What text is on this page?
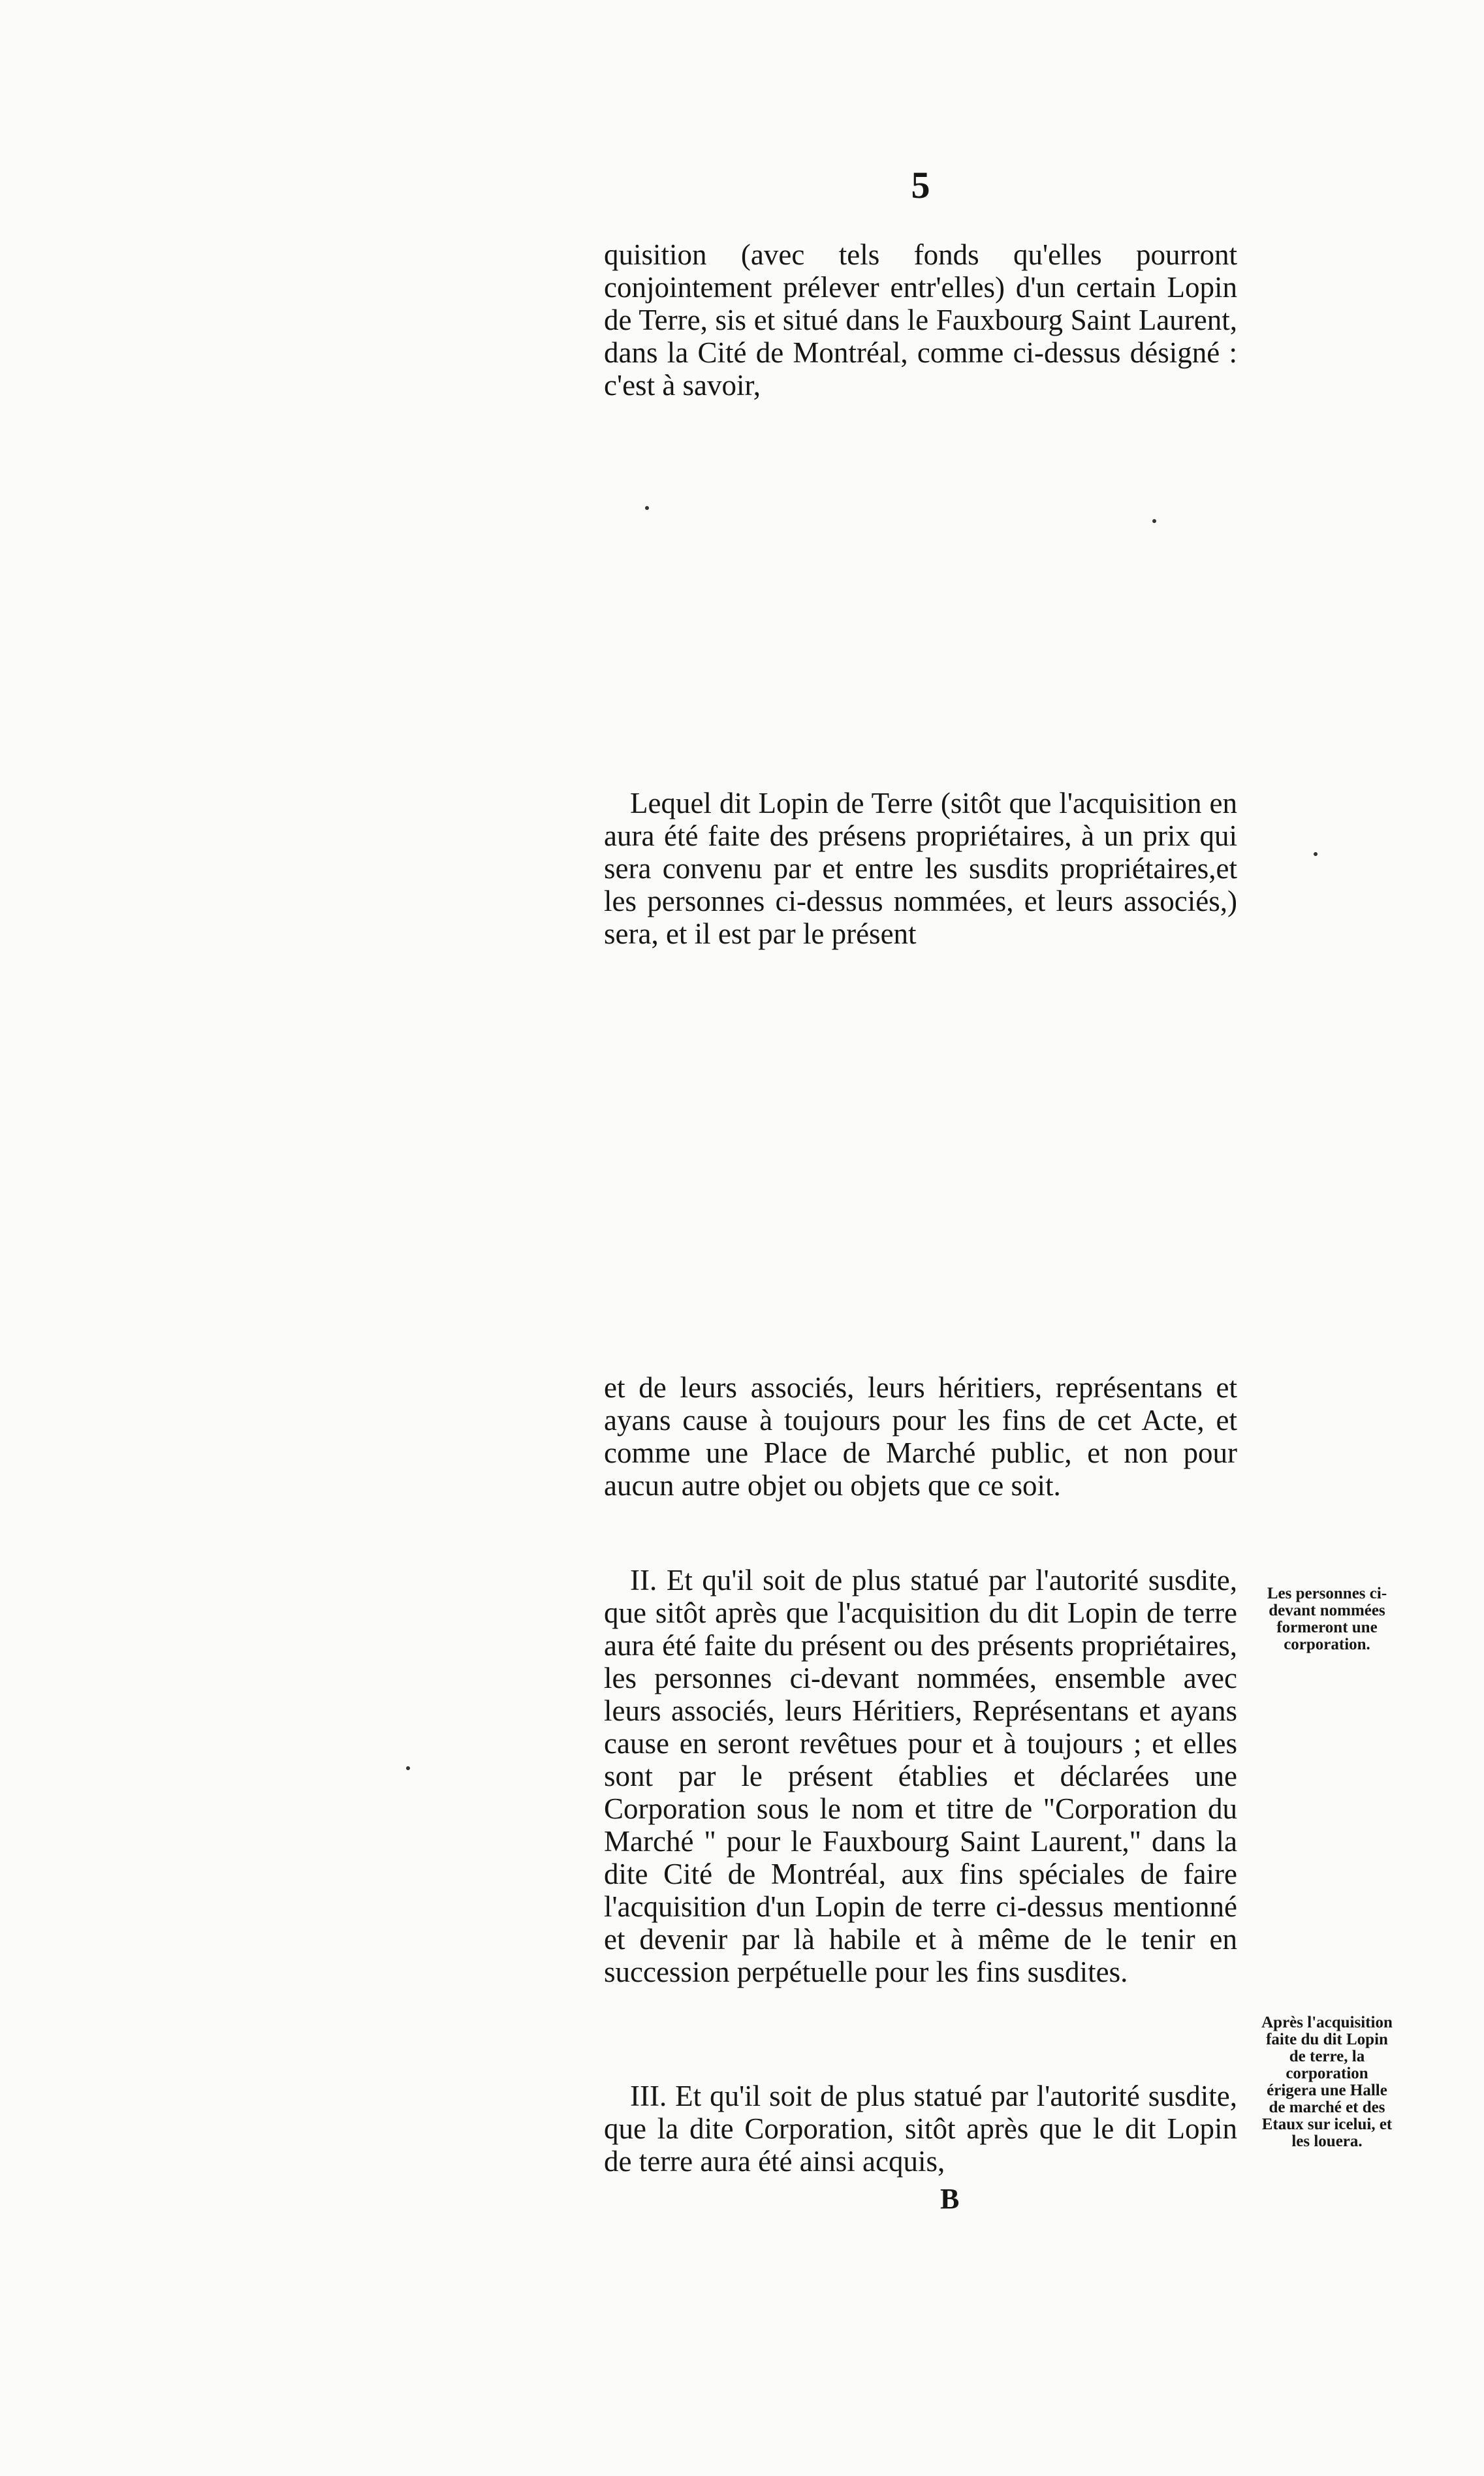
5

quisition (avec tels fonds qu'elles pourront conjointement prélever entr'elles) d'un certain Lopin de Terre, sis et situé dans le Fauxbourg Saint Laurent, dans la Cité de Montréal, comme ci-dessus désigné : c'est à savoir,

Lequel dit Lopin de Terre (sitôt que l'acquisition en aura été faite des présens propriétaires, à un prix qui sera convenu par et entre les susdits propriétaires,et les personnes ci-dessus nommées, et leurs associés,) sera, et il est par le présent

et de leurs associés, leurs héritiers, représentans et ayans cause à toujours pour les fins de cet Acte, et comme une Place de Marché public, et non pour aucun autre objet ou objets que ce soit.

II. Et qu'il soit de plus statué par l'autorité susdite, que sitôt après que l'acquisition du dit Lopin de terre aura été faite du présent ou des présents propriétaires, les personnes ci-devant nommées, ensemble avec leurs associés, leurs Héritiers, Représentans et ayans cause en seront revêtues pour et à toujours ; et elles sont par le présent établies et déclarées une Corporation sous le nom et titre de "Corporation du Marché " pour le Fauxbourg Saint Laurent," dans la dite Cité de Montréal, aux fins spéciales de faire l'acquisition d'un Lopin de terre ci-dessus mentionné et devenir par là habile et à même de le tenir en succession perpétuelle pour les fins susdites.

III. Et qu'il soit de plus statué par l'autorité susdite, que la dite Corporation, sitôt après que le dit Lopin de terre aura été ainsi acquis,

B
Les personnes ci-devant nommées formeront une corporation.
Après l'acquisition faite du dit Lopin de terre, la corporation érigera une Halle de marché et des Etaux sur icelui, et les louera.
